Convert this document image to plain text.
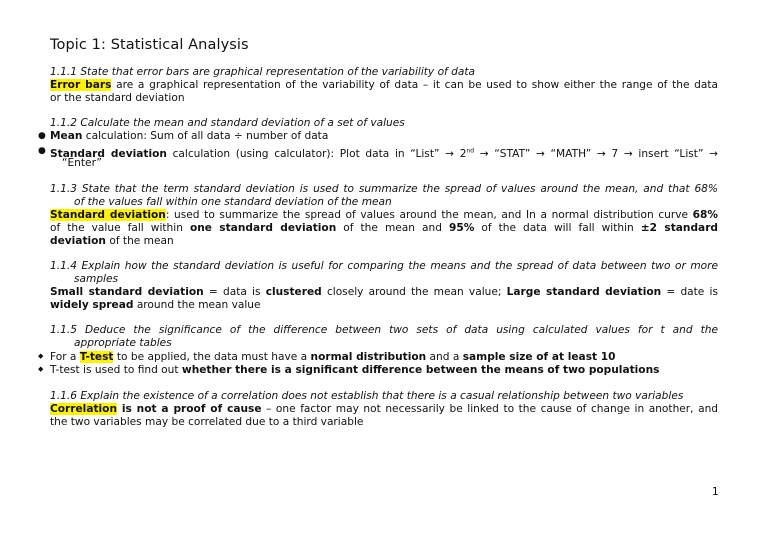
Topic 1: Statistical Analysis
1.1.1 State that error bars are graphical representation of the variability of data
Error bars are a graphical representation of the variability of data – it can be used to show either the range of the data
or the standard deviation
1.1.2 Calculate the mean and standard deviation of a set of values
● Mean calculation: Sum of all data ÷ number of data
● Standard deviation calculation (using calculator): Plot data in “List” → 2nd → “STAT” → “MATH” → 7 → insert “List” →
“Enter”
1.1.3 State that the term standard deviation is used to summarize the spread of values around the mean, and that 68%
of the values fall within one standard deviation of the mean
Standard deviation: used to summarize the spread of values around the mean, and In a normal distribution curve 68%
of the value fall within one standard deviation of the mean and 95% of the data will fall within ±2 standard
deviation of the mean
1.1.4 Explain how the standard deviation is useful for comparing the means and the spread of data between two or more
samples
Small standard deviation = data is clustered closely around the mean value; Large standard deviation = date is
widely spread around the mean value
1.1.5 Deduce the significance of the difference between two sets of data using calculated values for t and the
appropriate tables
◆ For a T-test to be applied, the data must have a normal distribution and a sample size of at least 10
◆ T-test is used to find out whether there is a significant difference between the means of two populations
1.1.6 Explain the existence of a correlation does not establish that there is a casual relationship between two variables
Correlation is not a proof of cause – one factor may not necessarily be linked to the cause of change in another, and
the two variables may be correlated due to a third variable
1
